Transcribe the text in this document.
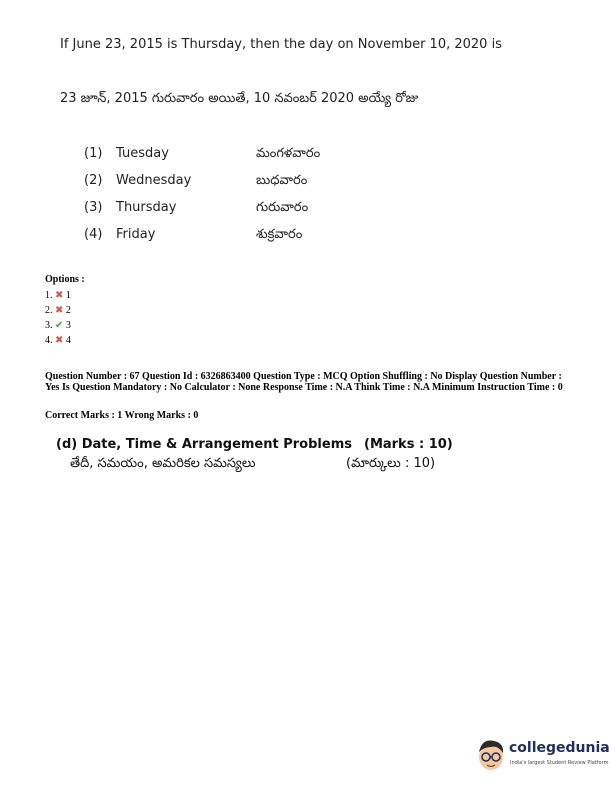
If June 23, 2015 is Thursday, then the day on November 10, 2020 is
23 జూన్, 2015 గురువారం అయితే, 10 నవంబర్ 2020 అయ్యే రోజు
(1) Tuesday	మంగళవారం
(2) Wednesday	బుధవారం
(3) Thursday	గురువారం
(4) Friday	శుక్రవారం
Options :
1. ✖ 1
2. ✖ 2
3. ✔ 3
4. ✖ 4
Question Number : 67 Question Id : 6326863400 Question Type : MCQ Option Shuffling : No Display Question Number : Yes Is Question Mandatory : No Calculator : None Response Time : N.A Think Time : N.A Minimum Instruction Time : 0
Correct Marks : 1 Wrong Marks : 0
(d) Date, Time & Arrangement Problems (Marks : 10)
తేదీ, సమయం, అమరికల సమస్యలు	(మార్కులు : 10)
collegedunia
India's largest Student Review Platform
